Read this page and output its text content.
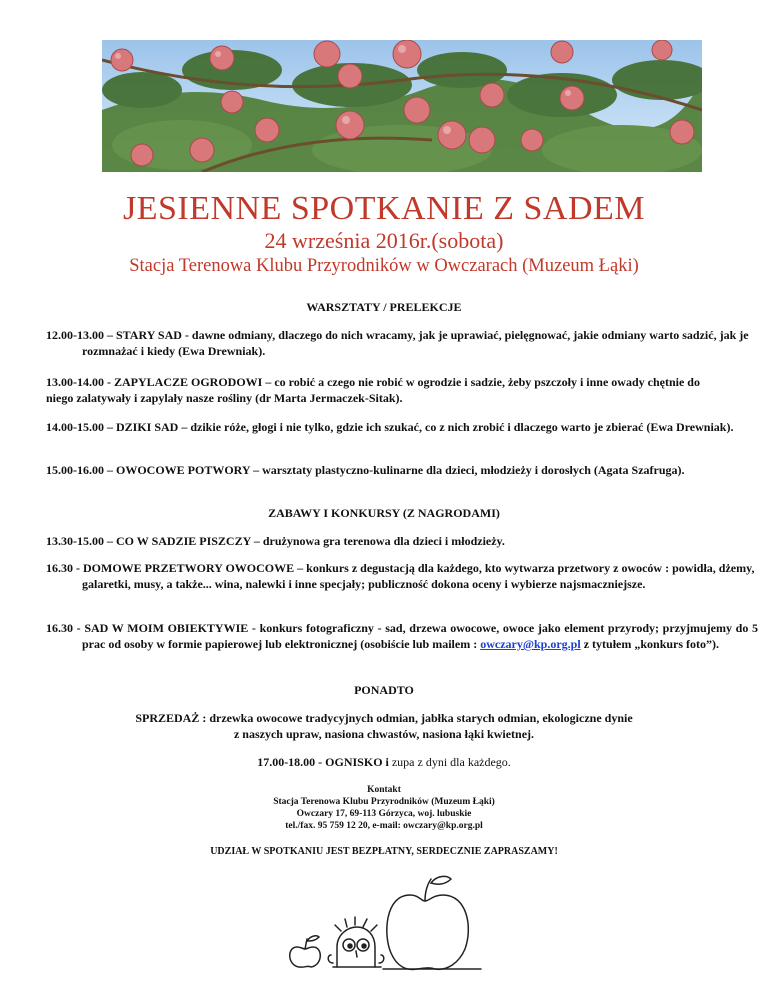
JESIENNE SPOTKANIE Z SADEM
24 września 2016r.(sobota)
Stacja Terenowa Klubu Przyrodników w Owczarach (Muzeum Łąki)

WARSZTATY / PRELEKCJE

12.00-13.00 – STARY SAD - dawne odmiany, dlaczego do nich wracamy, jak je uprawiać, pielęgnować, jakie odmiany warto sadzić, jak je rozmnażać i kiedy (Ewa Drewniak).

13.00-14.00 - ZAPYLACZE OGRODOWI – co robić a czego nie robić w ogrodzie i sadzie, żeby pszczoły i inne owady chętnie do niego zalatywały i zapylały nasze rośliny (dr Marta Jermaczek-Sitak).

14.00-15.00 – DZIKI SAD – dzikie róże, głogi i nie tylko, gdzie ich szukać, co z nich zrobić i dlaczego warto je zbierać (Ewa Drewniak).

15.00-16.00 – OWOCOWE POTWORY – warsztaty plastyczno-kulinarne dla dzieci, młodzieży i dorosłych (Agata Szafruga).

ZABAWY I KONKURSY (Z NAGRODAMI)

13.30-15.00 – CO W SADZIE PISZCZY – drużynowa gra terenowa dla dzieci i młodzieży.

16.30 - DOMOWE PRZETWORY OWOCOWE – konkurs z degustacją dla każdego, kto wytwarza przetwory z owoców : powidła, dżemy, galaretki, musy, a także... wina, nalewki i inne specjały; publiczność dokona oceny i wybierze najsmaczniejsze.

16.30 - SAD W MOIM OBIEKTYWIE - konkurs fotograficzny - sad, drzewa owocowe, owoce jako element przyrody; przyjmujemy do 5 prac od osoby w formie papierowej lub elektronicznej (osobiście lub mailem : owczary@kp.org.pl z tytułem „konkurs foto”).

PONADTO

SPRZEDAŻ : drzewka owocowe tradycyjnych odmian, jabłka starych odmian, ekologiczne dynie

z naszych upraw, nasiona chwastów, nasiona łąki kwietnej.

17.00-18.00 - OGNISKO i zupa z dyni dla każdego.

Kontakt

Stacja Terenowa Klubu Przyrodników (Muzeum Łąki)

Owczary 17, 69-113 Górzyca, woj. lubuskie

tel./fax. 95 759 12 20, e-mail: owczary@kp.org.pl

UDZIAŁ W SPOTKANIU JEST BEZPŁATNY, SERDECZNIE ZAPRASZAMY!
